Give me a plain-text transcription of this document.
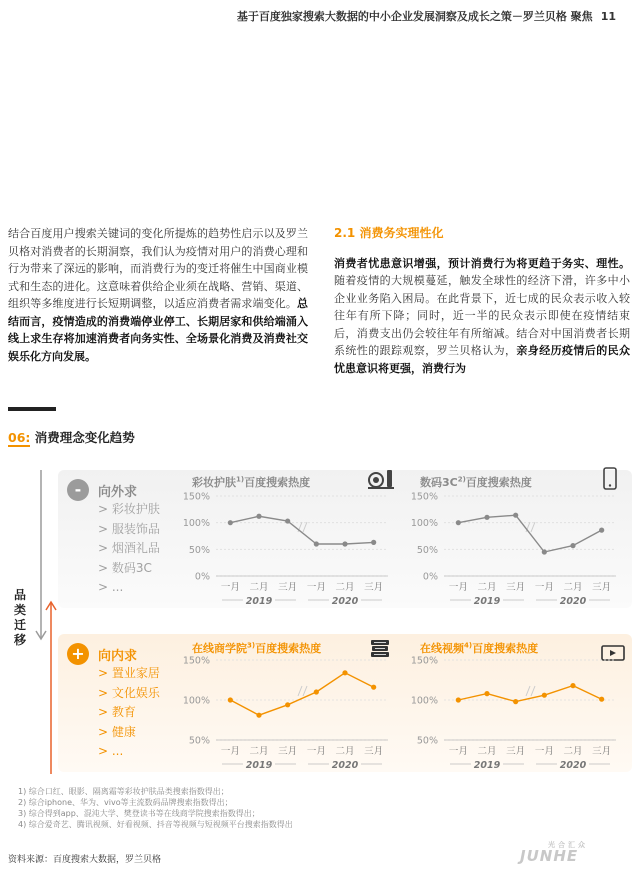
基于百度独家搜索大数据的中小企业发展洞察及成长之策－罗兰贝格 聚焦 11
结合百度用户搜索关键词的变化所提炼的趋势性启示以及罗兰贝格对消费者的长期洞察，我们认为疫情对用户的消费心理和行为带来了深远的影响，而消费行为的变迁将催生中国商业模式和生态的进化。这意味着供给企业须在战略、营销、渠道、组织等多维度进行长短期调整，以适应消费者需求端变化。总结而言，疫情造成的消费端停业停工、长期居家和供给端涌入线上求生存将加速消费者向务实性、全场景化消费及消费社交娱乐化方向发展。
2.1
消费务实理性化
消费者忧患意识增强，预计消费行为将更趋于务实、理性。随着疫情的大规模蔓延，触发全球性的经济下滑，许多中小企业业务陷入困局。在此背景下，近七成的民众表示收入较往年有所下降；同时，近一半的民众表示即使在疫情结束后，消费支出仍会较往年有所缩减。结合对中国消费者长期系统性的跟踪观察，罗兰贝格认为，亲身经历疫情后的民众忧患意识将更强，消费行为
06: 消费理念变化趋势
品类迁移
-	向外求
> 彩妆护肤
> 服装饰品
> 烟酒礼品
> 数码3C
> ...
+	向内求
> 置业家居
> 文化娱乐
> 教育
> 健康
> ...
彩妆护肤$^{1)}$百度搜索热度	数码$3C^{2)}$百度搜索热度
在线商学院$^{3)}$百度搜索热度	在线视频$^{4)}$百度搜索热度
150%
100%
50%
0%
一月 二月 三月 一月 二月 三月
2019	2020
150%
100%
50%
0%
一月 二月 三月 一月 二月 三月
2019	2020
150%
100%
50%
一月 二月 三月 一月 二月 三月
2019	2020
150%
100%
50%
一月 二月 三月 一月 二月 三月
2019	2020
1) 综合口红、眼影、隔离霜等彩妆护肤品类搜索指数得出；
2) 综合iphone、华为、vivo等主流数码品牌搜索指数得出；
3) 综合得到app、混沌大学、樊登读书等在线商学院搜索指数得出；
4) 综合爱奇艺、腾讯视频、好看视频、抖音等视频与短视频平台搜索指数得出
资料来源：百度搜索大数据，罗兰贝格
光合汇众
JUNHE
